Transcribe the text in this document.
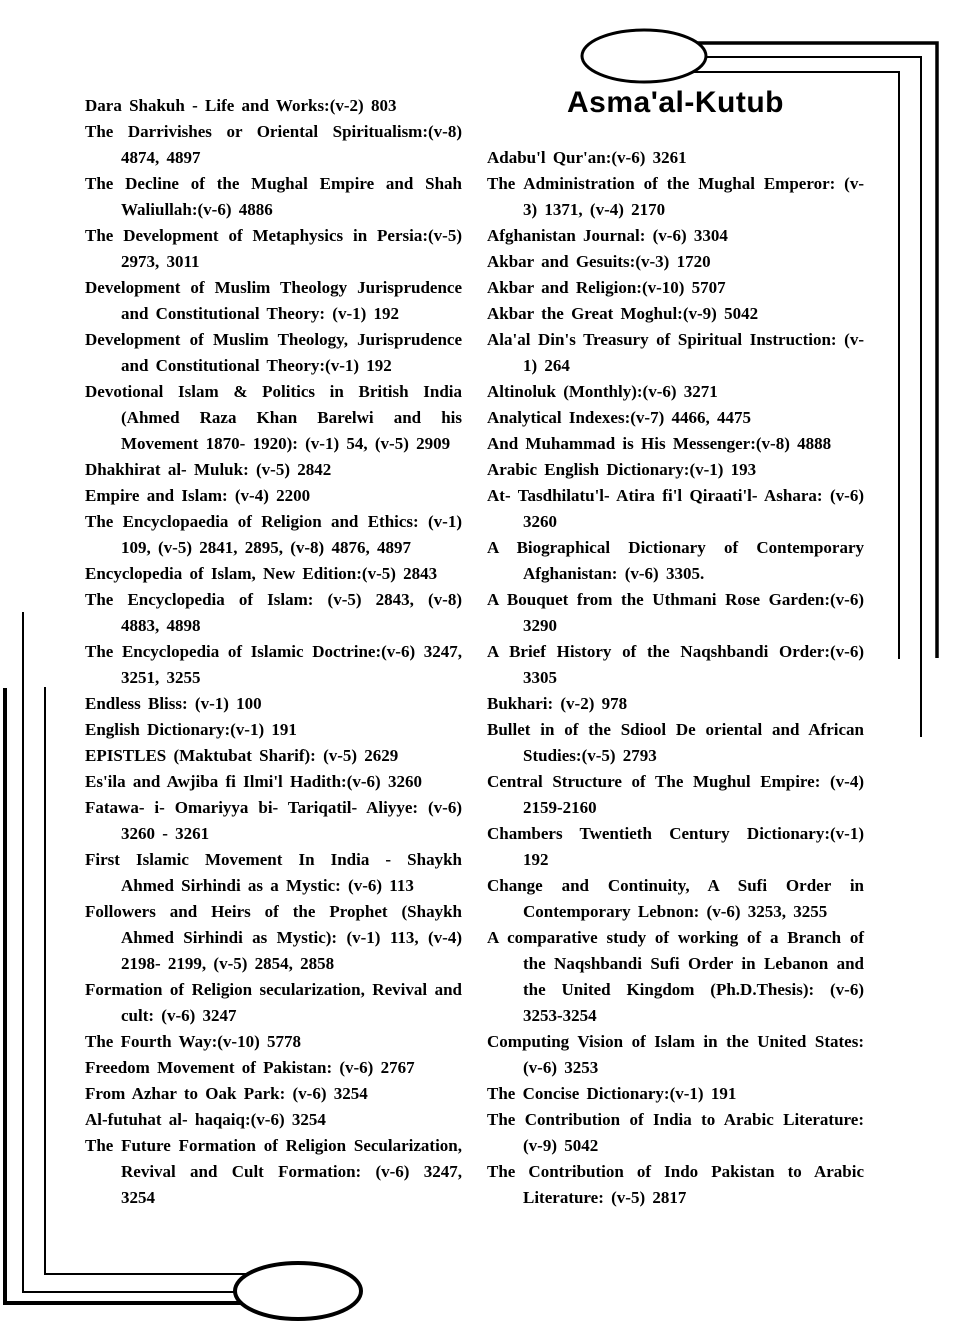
Dara Shakuh - Life and Works:(v-2) 803

The Darrivishes or Oriental Spiritualism:(v-8) 4874, 4897

The Decline of the Mughal Empire and Shah Waliullah:(v-6) 4886

The Development of Metaphysics in Persia:(v-5) 2973, 3011

Development of Muslim Theology Jurisprudence and Constitutional Theory: (v-1) 192

Development of Muslim Theology, Jurisprudence and Constitutional Theory:(v-1) 192

Devotional Islam & Politics in British India (Ahmed Raza Khan Barelwi and his Movement 1870- 1920): (v-1) 54, (v-5) 2909

Dhakhirat al- Muluk: (v-5) 2842

Empire and Islam: (v-4) 2200

The Encyclopaedia of Religion and Ethics: (v-1) 109, (v-5) 2841, 2895, (v-8) 4876, 4897

Encyclopedia of Islam, New Edition:(v-5) 2843

The Encyclopedia of Islam: (v-5) 2843, (v-8) 4883, 4898

The Encyclopedia of Islamic Doctrine:(v-6) 3247, 3251, 3255

Endless Bliss: (v-1) 100

English Dictionary:(v-1) 191

EPISTLES (Maktubat Sharif): (v-5) 2629

Es'ila and Awjiba fi Ilmi'l Hadith:(v-6) 3260

Fatawa- i- Omariyya bi- Tariqatil- Aliyye: (v-6) 3260 - 3261

First Islamic Movement In India - Shaykh Ahmed Sirhindi as a Mystic: (v-6) 113

Followers and Heirs of the Prophet (Shaykh Ahmed Sirhindi as Mystic): (v-1) 113, (v-4) 2198- 2199, (v-5) 2854, 2858

Formation of Religion secularization, Revival and cult: (v-6) 3247

The Fourth Way:(v-10) 5778

Freedom Movement of Pakistan: (v-6) 2767

From Azhar to Oak Park: (v-6) 3254

Al-futuhat al- haqaiq:(v-6) 3254

The Future Formation of Religion Secularization, Revival and Cult Formation: (v-6) 3247, 3254

Asma'al-Kutub

Adabu'l Qur'an:(v-6) 3261

The Administration of the Mughal Emperor: (v-3) 1371, (v-4) 2170

Afghanistan Journal: (v-6) 3304

Akbar and Gesuits:(v-3) 1720

Akbar and Religion:(v-10) 5707

Akbar the Great Moghul:(v-9) 5042

Ala'al Din's Treasury of Spiritual Instruction: (v-1) 264

Altinoluk (Monthly):(v-6) 3271

Analytical Indexes:(v-7) 4466, 4475

And Muhammad is His Messenger:(v-8) 4888

Arabic English Dictionary:(v-1) 193

At- Tasdhilatu'l- Atira fi'l Qiraati'l- Ashara: (v-6) 3260

A Biographical Dictionary of Contemporary Afghanistan: (v-6) 3305.

A Bouquet from the Uthmani Rose Garden:(v-6) 3290

A Brief History of the Naqshbandi Order:(v-6) 3305

Bukhari: (v-2) 978

Bullet in of the Sdiool De oriental and African Studies:(v-5) 2793

Central Structure of The Mughul Empire: (v-4) 2159-2160

Chambers Twentieth Century Dictionary:(v-1) 192

Change and Continuity, A Sufi Order in Contemporary Lebnon: (v-6) 3253, 3255

A comparative study of working of a Branch of the Naqshbandi Sufi Order in Lebanon and the United Kingdom (Ph.D.Thesis): (v-6) 3253-3254

Computing Vision of Islam in the United States: (v-6) 3253

The Concise Dictionary:(v-1) 191

The Contribution of India to Arabic Literature:(v-9) 5042

The Contribution of Indo Pakistan to Arabic Literature: (v-5) 2817
